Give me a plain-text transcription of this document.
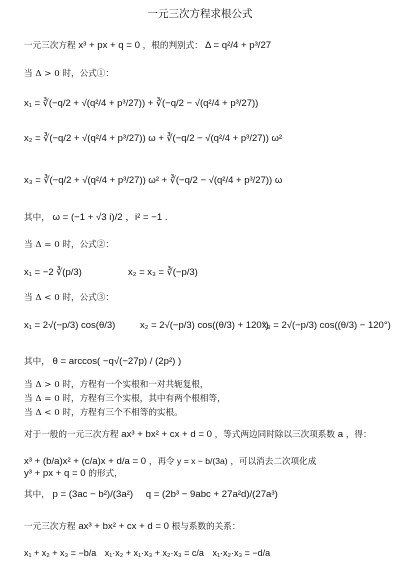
一元三次方程求根公式
一元三次方程 x³ + px + q = 0 ，根的判别式： Δ = q²/4 + p³/27
当 Δ > 0 时，公式①：
x₁ = ∛(−q/2 + √(q²/4 + p³/27)) + ∛(−q/2 − √(q²/4 + p³/27))
x₂ = ∛(−q/2 + √(q²/4 + p³/27)) ω + ∛(−q/2 − √(q²/4 + p³/27)) ω²
x₃ = ∛(−q/2 + √(q²/4 + p³/27)) ω² + ∛(−q/2 − √(q²/4 + p³/27)) ω
其中， ω = (−1 + √3 i)/2 ，i² = −1 .
当 Δ = 0 时，公式②：
x₁ = −2 ∛(p/3)	x₂ = x₃ = ∛(−p/3)
当 Δ < 0 时，公式③：
x₁ = 2√(−p/3) cos(θ/3)	x₂ = 2√(−p/3) cos((θ/3) + 120°)
x₃ = 2√(−p/3) cos((θ/3) − 120°)
其中， θ = arccos( −q√(−27p) / (2p²) )
当 Δ > 0 时，方程有一个实根和一对共轭复根，
当 Δ = 0 时，方程有三个实根，其中有两个根相等，
当 Δ < 0 时，方程有三个不相等的实根。
对于一般的一元三次方程 ax³ + bx² + cx + d = 0 ，等式两边同时除以三次项系数 a ，得：
x³ + (b/a)x² + (c/a)x + d/a = 0 ，再令 y = x − b/(3a) ，可以消去二次项化成
y³ + px + q = 0 的形式，
其中， p = (3ac − b²)/(3a²) q = (2b³ − 9abc + 27a²d)/(27a³)
一元三次方程 ax³ + bx² + cx + d = 0 根与系数的关系：
x₁ + x₂ + x₃ = −b/a x₁·x₂ + x₁·x₃ + x₂·x₃ = c/a x₁·x₂·x₃ = −d/a
